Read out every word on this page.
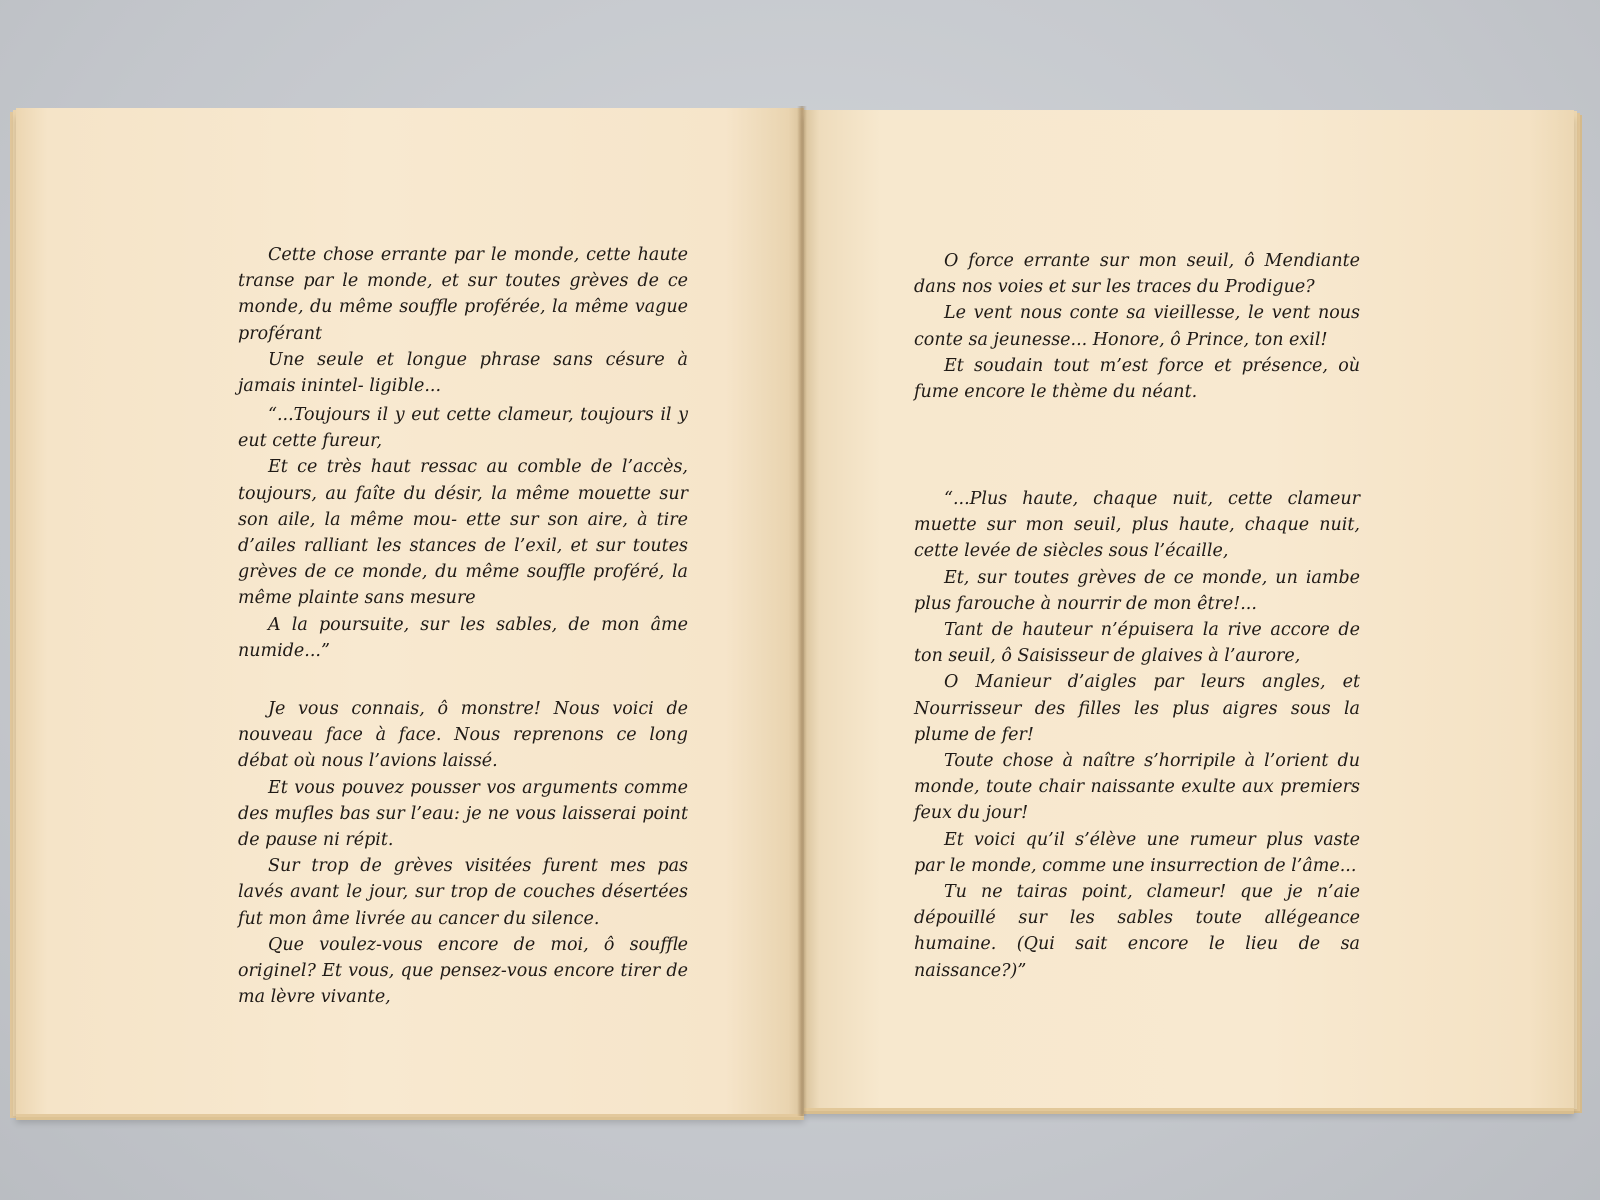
Cette chose errante par le monde, cette haute transe par le monde, et sur toutes grèves de ce monde, du même souffle proférée, la même vague proférant

Une seule et longue phrase sans césure à jamais inintel- ligible...

“...Toujours il y eut cette clameur, toujours il y eut cette fureur,

Et ce très haut ressac au comble de l’accès, toujours, au faîte du désir, la même mouette sur son aile, la même mou- ette sur son aire, à tire d’ailes ralliant les stances de l’exil, et sur toutes grèves de ce monde, du même souffle proféré, la même plainte sans mesure

A la poursuite, sur les sables, de mon âme numide...”

Je vous connais, ô monstre! Nous voici de nouveau face à face. Nous reprenons ce long débat où nous l’avions laissé.

Et vous pouvez pousser vos arguments comme des mufles bas sur l’eau: je ne vous laisserai point de pause ni répit.

Sur trop de grèves visitées furent mes pas lavés avant le jour, sur trop de couches désertées fut mon âme livrée au cancer du silence.

Que voulez-vous encore de moi, ô souffle originel? Et vous, que pensez-vous encore tirer de ma lèvre vivante,

O force errante sur mon seuil, ô Mendiante dans nos voies et sur les traces du Prodigue?

Le vent nous conte sa vieillesse, le vent nous conte sa jeunesse... Honore, ô Prince, ton exil!

Et soudain tout m’est force et présence, où fume encore le thème du néant.

“...Plus haute, chaque nuit, cette clameur muette sur mon seuil, plus haute, chaque nuit, cette levée de siècles sous l’écaille,

Et, sur toutes grèves de ce monde, un iambe plus farouche à nourrir de mon être!...

Tant de hauteur n’épuisera la rive accore de ton seuil, ô Saisisseur de glaives à l’aurore,

O Manieur d’aigles par leurs angles, et Nourrisseur des filles les plus aigres sous la plume de fer!

Toute chose à naître s’horripile à l’orient du monde, toute chair naissante exulte aux premiers feux du jour!

Et voici qu’il s’élève une rumeur plus vaste par le monde, comme une insurrection de l’âme...

Tu ne tairas point, clameur! que je n’aie dépouillé sur les sables toute allégeance humaine. (Qui sait encore le lieu de sa naissance?)”
